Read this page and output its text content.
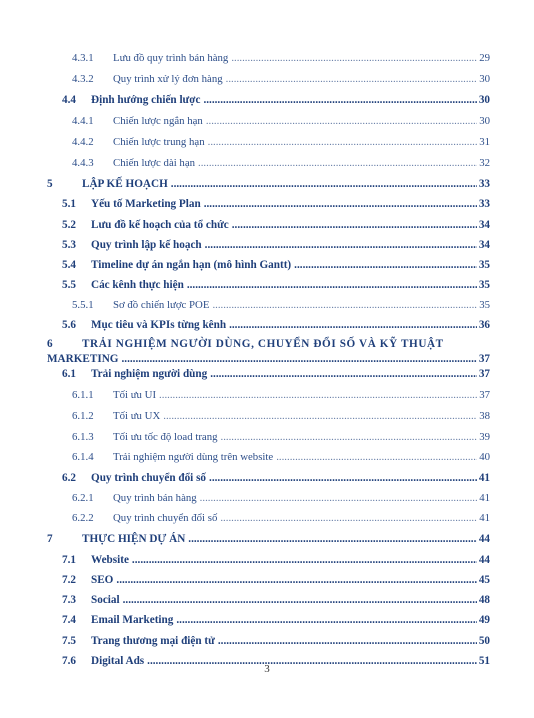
4.3.1	Lưu đồ quy trình bán hàng .....	29
4.3.2	Quy trình xử lý đơn hàng .....	30
4.4	Định hướng chiến lược .....	30
4.4.1	Chiến lược ngắn hạn .....	30
4.4.2	Chiến lược trung hạn .....	31
4.4.3	Chiến lược dài hạn .....	32
5	LẬP KẾ HOẠCH .....	33
5.1	Yếu tố Marketing Plan .....	33
5.2	Lưu đồ kế hoạch của tổ chức .....	34
5.3	Quy trình lập kế hoạch .....	34
5.4	Timeline dự án ngắn hạn (mô hình Gantt) .....	35
5.5	Các kênh thực hiện .....	35
5.5.1	Sơ đồ chiến lược POE .....	35
5.6	Mục tiêu và KPIs từng kênh .....	36
6	TRẢI NGHIỆM NGƯỜI DÙNG, CHUYỂN ĐỔI SỐ VÀ KỸ THUẬT
MARKETING .....	37
6.1	Trải nghiệm người dùng .....	37
6.1.1	Tối ưu UI .....	37
6.1.2	Tối ưu UX .....	38
6.1.3	Tối ưu tốc độ load trang .....	39
6.1.4	Trải nghiệm người dùng trên website .....	40
6.2	Quy trình chuyển đổi số .....	41
6.2.1	Quy trình bán hàng .....	41
6.2.2	Quy trình chuyển đổi số .....	41
7	THỰC HIỆN DỰ ÁN .....	44
7.1	Website .....	44
7.2	SEO .....	45
7.3	Social .....	48
7.4	Email Marketing .....	49
7.5	Trang thương mại điện tử .....	50
7.6	Digital Ads .....	51
3
